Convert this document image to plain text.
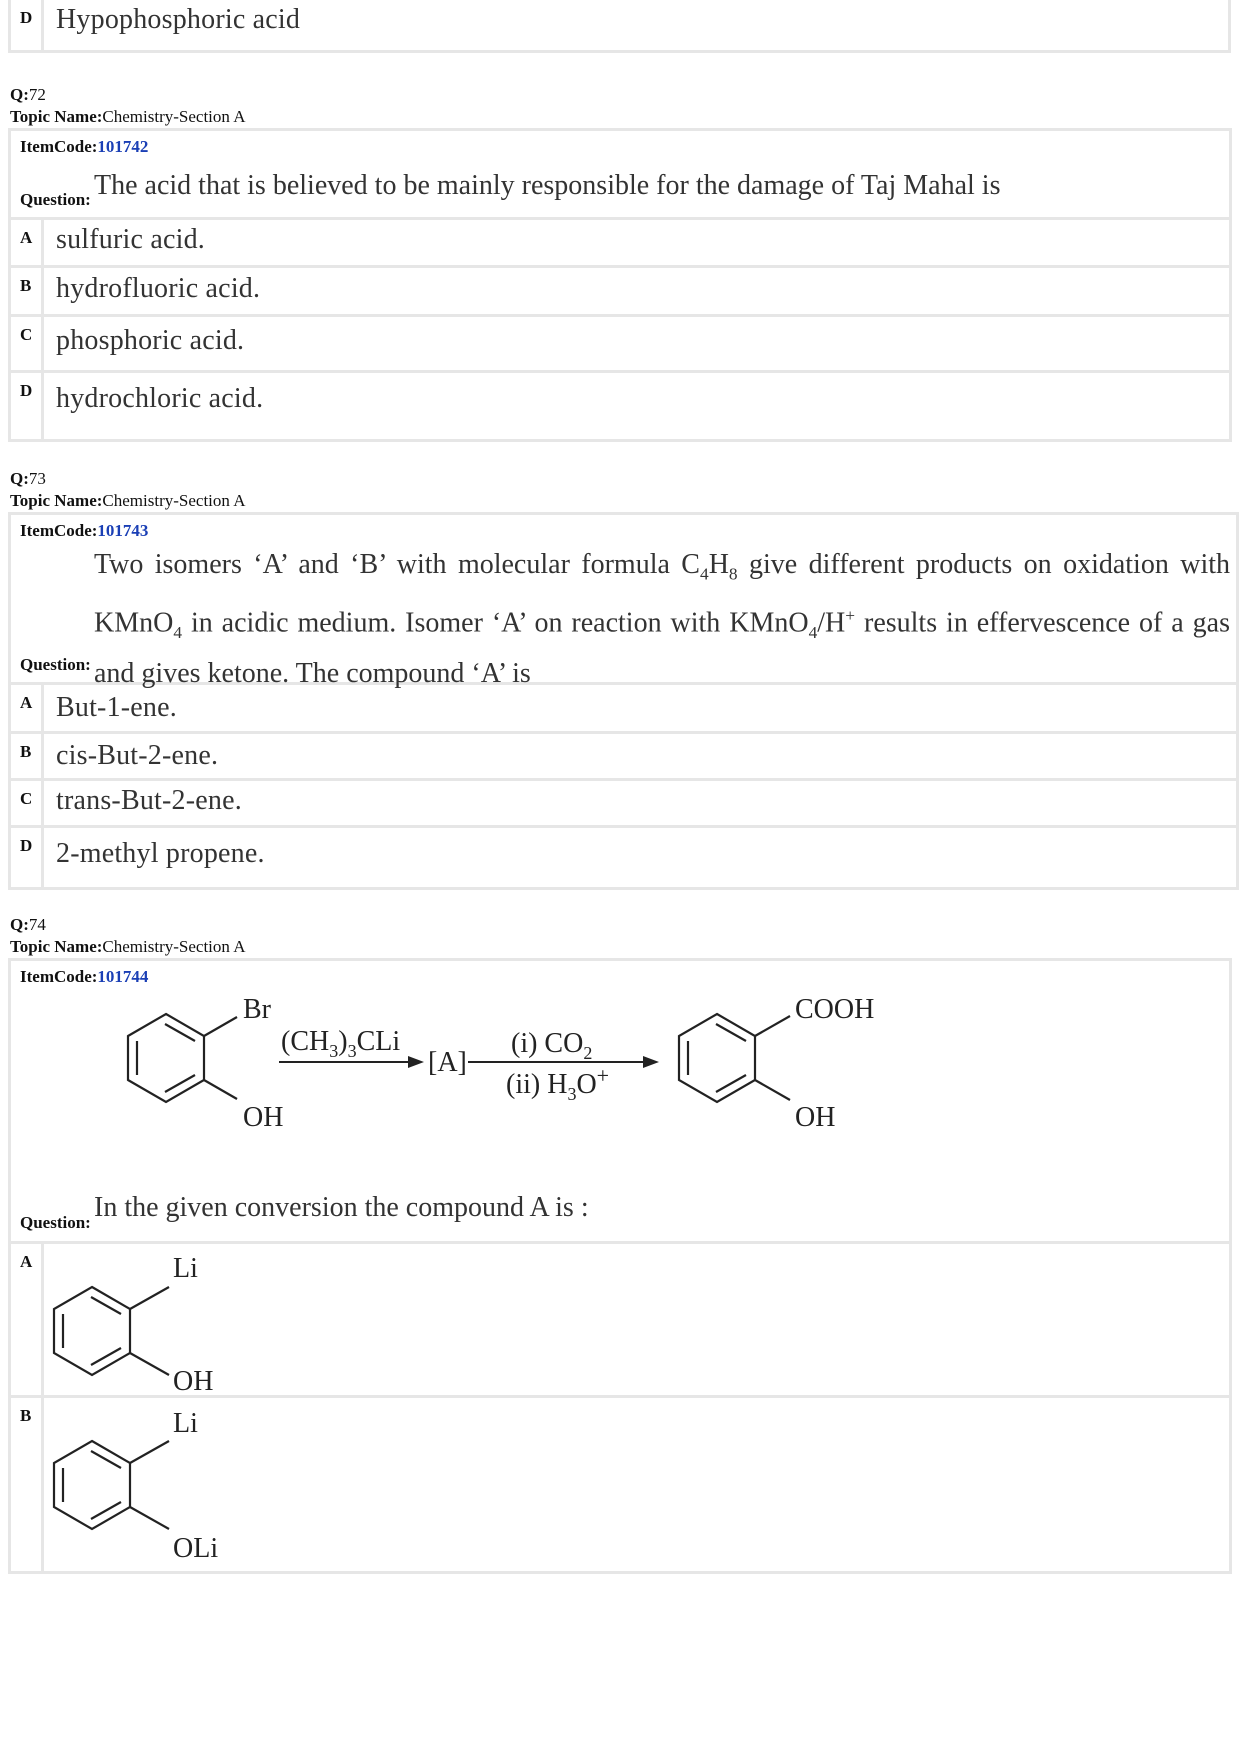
D Hypophosphoric acid
Q:72
Topic Name:Chemistry-Section A
ItemCode:101742
The acid that is believed to be mainly responsible for the damage of Taj Mahal is
Question:
A sulfuric acid.
B hydrofluoric acid.
C phosphoric acid.
D hydrochloric acid.
Q:73
Topic Name:Chemistry-Section A
ItemCode:101743
Two isomers ‘A’ and ‘B’ with molecular formula $C_4H_8$ give different products on oxidation with KMnO$_4$ in acidic medium. Isomer ‘A’ on reaction with KMnO$_4$/H+ results in effervescence of a gas and gives ketone. The compound ‘A’ is
Question:
A But-1-ene.
B cis-But-2-ene.
C trans-But-2-ene.
D 2-methyl propene.
Q:74
Topic Name:Chemistry-Section A
ItemCode:101744
Br
OH
$(CH_3)_3CLi$
[A]
(i) $CO_2$
(ii) $H_3O^+$
COOH
OH
In the given conversion the compound A is :
Question:
A	Li
OH
B	Li
OLi
